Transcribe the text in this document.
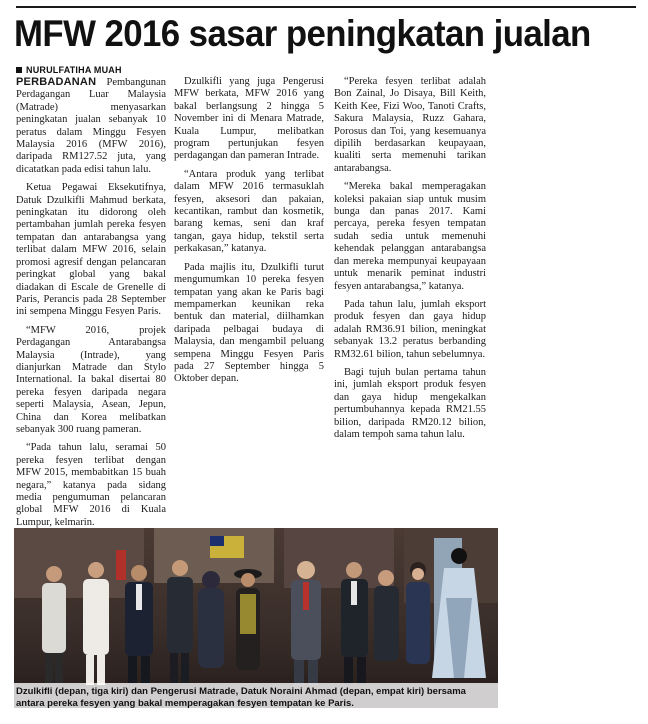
MFW 2016 sasar peningkatan jualan
NURULFATIHA MUAH

PERBADANAN Pembangunan Perdagangan Luar Malaysia (Matrade) menyasarkan peningkatan jualan sebanyak 10 peratus dalam Minggu Fesyen Malaysia 2016 (MFW 2016), daripada RM127.52 juta, yang dicatatkan pada edisi tahun lalu.

Ketua Pegawai Eksekutifnya, Datuk Dzulkifli Mahmud berkata, peningkatan itu didorong oleh pertambahan jumlah pereka fesyen tempatan dan antarabangsa yang terlibat dalam MFW 2016, selain promosi agresif dengan pelancaran peringkat global yang bakal diadakan di Escale de Grenelle di Paris, Perancis pada 28 September ini sempena Minggu Fesyen Paris.

“MFW 2016, projek Perdagangan Antarabangsa Malaysia (Intrade), yang dianjurkan Matrade dan Stylo International. Ia bakal disertai 80 pereka fesyen daripada negara seperti Malaysia, Asean, Jepun, China dan Korea melibatkan sebanyak 300 ruang pameran.

“Pada tahun lalu, seramai 50 pereka fesyen terlibat dengan MFW 2015, membabitkan 15 buah negara,” katanya pada sidang media pengumuman pelancaran global MFW 2016 di Kuala Lumpur, kelmarin.

Dzulkifli yang juga Pengerusi MFW berkata, MFW 2016 yang bakal berlangsung 2 hingga 5 November ini di Menara Matrade, Kuala Lumpur, melibatkan program pertunjukan fesyen perdagangan dan pameran Intrade.

“Antara produk yang terlibat dalam MFW 2016 termasuklah fesyen, aksesori dan pakaian, kecantikan, rambut dan kosmetik, barang kemas, seni dan kraf tangan, gaya hidup, tekstil serta perkakasan,” katanya.

Pada majlis itu, Dzulkifli turut mengumumkan 10 pereka fesyen tempatan yang akan ke Paris bagi mempamerkan keunikan reka bentuk dan material, diilhamkan daripada pelbagai budaya di Malaysia, dan mengambil peluang sempena Minggu Fesyen Paris pada 27 September hingga 5 Oktober depan.

“Pereka fesyen terlibat adalah Bon Zainal, Jo Disaya, Bill Keith, Keith Kee, Fizi Woo, Tanoti Crafts, Sakura Malaysia, Ruzz Gahara, Porosus dan Toi, yang kesemuanya dipilih berdasarkan keupayaan, kualiti serta memenuhi tarikan antarabangsa.

“Mereka bakal memperagakan koleksi pakaian siap untuk musim bunga dan panas 2017. Kami percaya, pereka fesyen tempatan sudah sedia untuk memenuhi kehendak pelanggan antarabangsa dan mereka mempunyai keupayaan untuk menarik peminat industri fesyen antarabangsa,” katanya.

Pada tahun lalu, jumlah eksport produk fesyen dan gaya hidup adalah RM36.91 bilion, meningkat sebanyak 13.2 peratus berbanding RM32.61 bilion, tahun sebelumnya.

Bagi tujuh bulan pertama tahun ini, jumlah eksport produk fesyen dan gaya hidup mengekalkan pertumbuhannya kepada RM21.55 bilion, daripada RM20.12 bilion, dalam tempoh sama tahun lalu.

Dzulkifli (depan, tiga kiri) dan Pengerusi Matrade, Datuk Noraini Ahmad (depan, empat kiri) bersama antara pereka fesyen yang bakal memperagakan fesyen tempatan ke Paris.
